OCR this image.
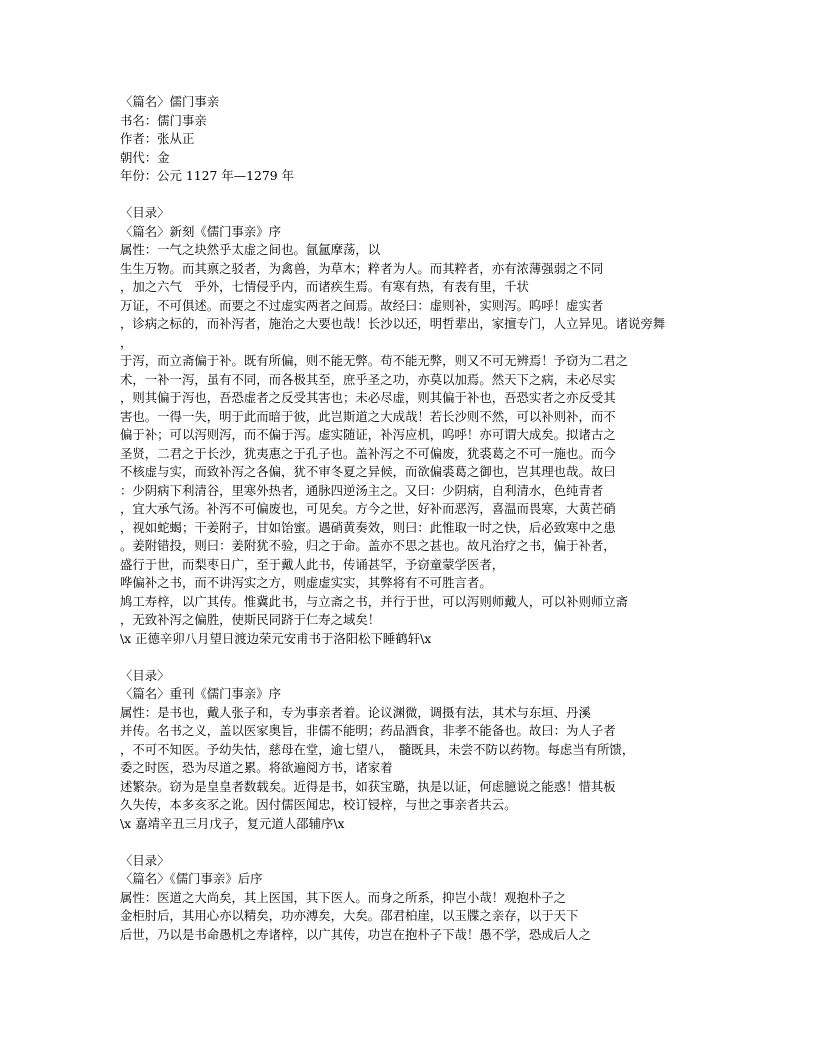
〈篇名〉儒门事亲
书名：儒门事亲
作者：张从正
朝代：金
年份：公元 1127 年—1279 年
〈目录〉
〈篇名〉新刻《儒门事亲》序
属性：一气之块然乎太虚之间也。氤氲摩荡，以
生生万物。而其禀之驳者，为禽兽，为草木；粹者为人。而其粹者，亦有浓薄强弱之不同
，加之六气　乎外，七情侵乎内，而诸疾生焉。有寒有热，有表有里，千状
万证，不可俱述。而要之不过虚实两者之间焉。故经曰：虚则补，实则泻。呜呼！虚实者
，诊病之标的，而补泻者，施治之大要也哉！长沙以还，明哲辈出，家擅专门，人立异见。诸说旁舞
，
于泻，而立斋偏于补。既有所偏，则不能无弊。苟不能无弊，则又不可无辨焉！予窃为二君之
术，一补一泻，虽有不同，而各极其至，庶乎圣之功，亦莫以加焉。然天下之病，未必尽实
，则其偏于泻也，吾恐虚者之反受其害也；未必尽虚，则其偏于补也，吾恐实者之亦反受其
害也。一得一失，明于此而暗于彼，此岂斯道之大成哉！若长沙则不然，可以补则补，而不
偏于补；可以泻则泻，而不偏于泻。虚实随证，补泻应机，呜呼！亦可谓大成矣。拟诸古之
圣贤，二君之于长沙，犹夷惠之于孔子也。盖补泻之不可偏废，犹裘葛之不可一施也。而今
不核虚与实，而致补泻之各偏，犹不审冬夏之异候，而欲偏裘葛之御也，岂其理也哉。故曰
：少阴病下利清谷，里寒外热者，通脉四逆汤主之。又曰：少阴病，自利清水，色纯青者
，宜大承气汤。补泻不可偏废也，可见矣。方今之世，好补而恶泻，喜温而畏寒，大黄芒硝
，视如蛇蝎；干姜附子，甘如饴蜜。遇硝黄奏效，则曰：此惟取一时之快，后必致寒中之患
。姜附错投，则曰：姜附犹不验，归之于命。盖亦不思之甚也。故凡治疗之书，偏于补者，
盛行于世，而梨枣日广，至于戴人此书，传诵甚罕，予窃童蒙学医者，
哗偏补之书，而不讲泻实之方，则虚虚实实，其弊将有不可胜言者。
鸠工寿梓，以广其传。惟冀此书，与立斋之书，并行于世，可以泻则师戴人，可以补则师立斋
，无致补泻之偏胜，使斯民同跻于仁寿之域矣！
\x 正德辛卯八月望日渡边荣元安甫书于洛阳松下睡鹤轩\x
〈目录〉
〈篇名〉重刊《儒门事亲》序
属性：是书也，戴人张子和，专为事亲者着。论议渊微，调摄有法，其术与东垣、丹溪
并传。名书之义，盖以医家奥旨，非儒不能明；药品酒食，非孝不能备也。故曰：为人子者
，不可不知医。予幼失怙，慈母在堂，逾七望八，　髓既具，未尝不防以药物。每虑当有所馈，
委之时医，恐为尽道之累。将欲遍阅方书，诸家着
述繁杂。窃为是皇皇者数载矣。近得是书，如获宝璐，执是以证，何虑臆说之能惑！惜其板
久失传，本多亥豕之讹。因付儒医闻忠，校订锓梓，与世之事亲者共云。
\x 嘉靖辛丑三月戊子，复元道人邵辅序\x
〈目录〉
〈篇名〉《儒门事亲》后序
属性：医道之大尚矣，其上医国，其下医人。而身之所系，抑岂小哉！观抱朴子之
金柜肘后，其用心亦以精矣，功亦溥矣，大矣。邵君柏崖，以玉牒之亲存，以于天下
后世，乃以是书命愚机之寿诸梓，以广其传，功岂在抱朴子下哉！愚不学，恐成后人之
